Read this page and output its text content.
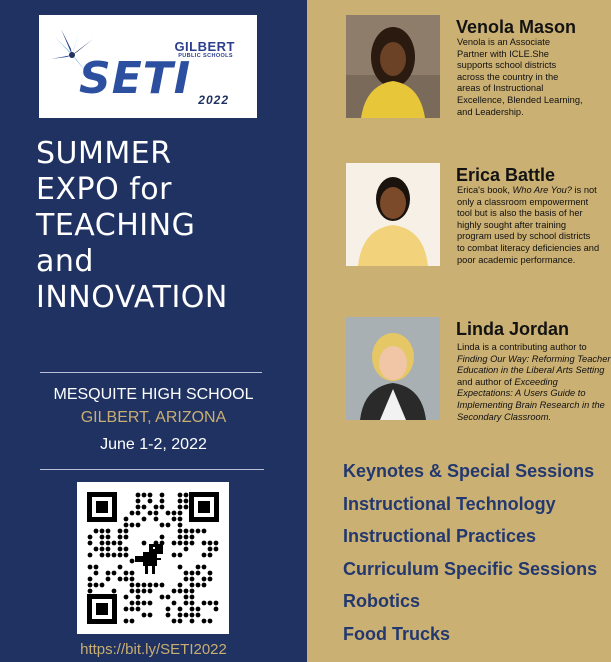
GILBERT
PUBLIC SCHOOLS
SETI 2022
SUMMER
EXPO for
TEACHING
and
INNOVATION
MESQUITE HIGH SCHOOL
GILBERT, ARIZONA
June 1-2, 2022
https://bit.ly/SETI2022
Venola Mason
Venola is an Associate
Partner with ICLE.She
supports school districts
across the country in the
areas of Instructional
Excellence, Blended Learning,
and Leadership.
Erica Battle
Erica's book, Who Are You? is not
only a classroom empowerment
tool but is also the basis of her
highly sought after training
program used by school districts
to combat literacy deficiencies and
poor academic performance.
Linda Jordan
Linda is a contributing author to
Finding Our Way: Reforming Teacher
Education in the Liberal Arts Setting
and author of Exceeding
Expectations: A Users Guide to
Implementing Brain Research in the
Secondary Classroom.
Keynotes & Special Sessions
Instructional Technology
Instructional Practices
Curriculum Specific Sessions
Robotics
Food Trucks
